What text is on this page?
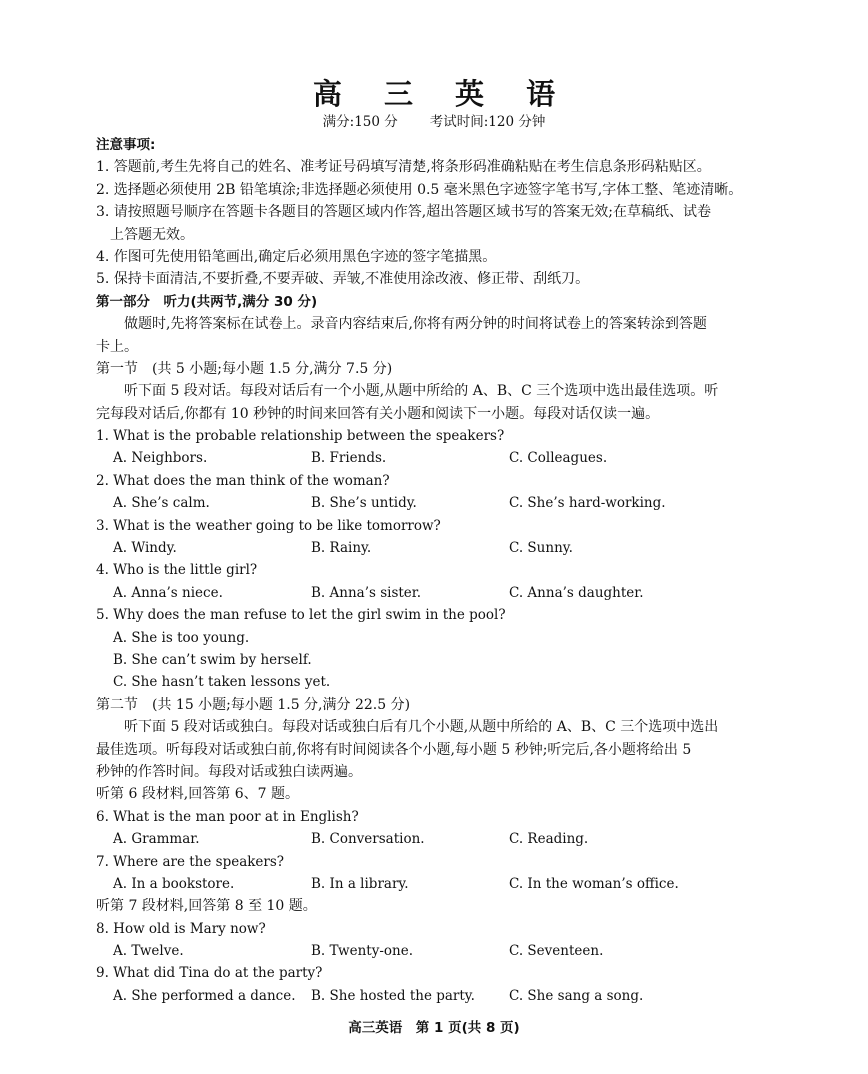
高 三 英 语
满分:150 分 考试时间:120 分钟
注意事项:
1. 答题前,考生先将自己的姓名、准考证号码填写清楚,将条形码准确粘贴在考生信息条形码粘贴区。
2. 选择题必须使用 2B 铅笔填涂;非选择题必须使用 0.5 毫米黑色字迹签字笔书写,字体工整、笔迹清晰。
3. 请按照题号顺序在答题卡各题目的答题区域内作答,超出答题区域书写的答案无效;在草稿纸、试卷
上答题无效。
4. 作图可先使用铅笔画出,确定后必须用黑色字迹的签字笔描黑。
5. 保持卡面清洁,不要折叠,不要弄破、弄皱,不准使用涂改液、修正带、刮纸刀。
第一部分　听力(共两节,满分 30 分)
做题时,先将答案标在试卷上。录音内容结束后,你将有两分钟的时间将试卷上的答案转涂到答题
卡上。
第一节　(共 5 小题;每小题 1.5 分,满分 7.5 分)
听下面 5 段对话。每段对话后有一个小题,从题中所给的 A、B、C 三个选项中选出最佳选项。听
完每段对话后,你都有 10 秒钟的时间来回答有关小题和阅读下一小题。每段对话仅读一遍。
1. What is the probable relationship between the speakers?
A. Neighbors.	B. Friends.	C. Colleagues.
2. What does the man think of the woman?
A. She’s calm.	B. She’s untidy.	C. She’s hard-working.
3. What is the weather going to be like tomorrow?
A. Windy.	B. Rainy.	C. Sunny.
4. Who is the little girl?
A. Anna’s niece.	B. Anna’s sister.	C. Anna’s daughter.
5. Why does the man refuse to let the girl swim in the pool?
A. She is too young.
B. She can’t swim by herself.
C. She hasn’t taken lessons yet.
第二节　(共 15 小题;每小题 1.5 分,满分 22.5 分)
听下面 5 段对话或独白。每段对话或独白后有几个小题,从题中所给的 A、B、C 三个选项中选出
最佳选项。听每段对话或独白前,你将有时间阅读各个小题,每小题 5 秒钟;听完后,各小题将给出 5
秒钟的作答时间。每段对话或独白读两遍。
听第 6 段材料,回答第 6、7 题。
6. What is the man poor at in English?
A. Grammar.	B. Conversation.	C. Reading.
7. Where are the speakers?
A. In a bookstore.	B. In a library.	C. In the woman’s office.
听第 7 段材料,回答第 8 至 10 题。
8. How old is Mary now?
A. Twelve.	B. Twenty-one.	C. Seventeen.
9. What did Tina do at the party?
A. She performed a dance.	B. She hosted the party.	C. She sang a song.
高三英语　第 1 页(共 8 页)
